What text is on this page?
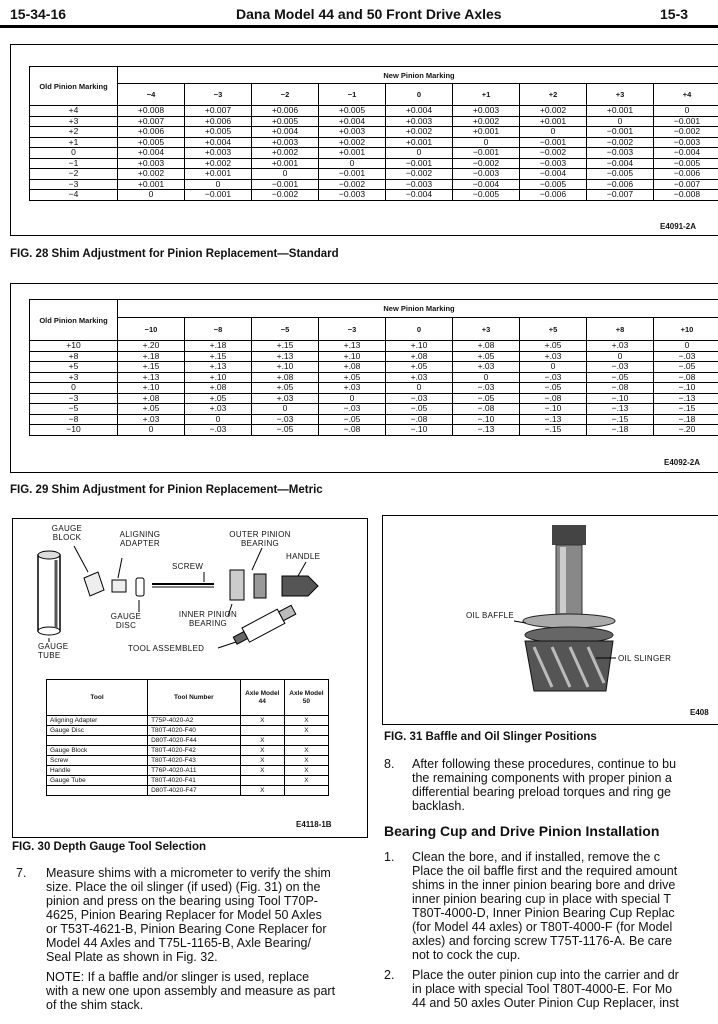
15-34-16	Dana Model 44 and 50 Front Drive Axles	15-3
Old Pinion Marking	New Pinion Marking								
	−4	−3	−2	−1	0	+1	+2	+3	+4
+4	+0.008	+0.007	+0.006	+0.005	+0.004	+0.003	+0.002	+0.001	0
+3	+0.007	+0.006	+0.005	+0.004	+0.003	+0.002	+0.001	0	−0.001
+2	+0.006	+0.005	+0.004	+0.003	+0.002	+0.001	0	−0.001	−0.002
+1	+0.005	+0.004	+0.003	+0.002	+0.001	0	−0.001	−0.002	−0.003
0	+0.004	+0.003	+0.002	+0.001	0	−0.001	−0.002	−0.003	−0.004
−1	+0.003	+0.002	+0.001	0	−0.001	−0.002	−0.003	−0.004	−0.005
−2	+0.002	+0.001	0	−0.001	−0.002	−0.003	−0.004	−0.005	−0.006
−3	+0.001	0	−0.001	−0.002	−0.003	−0.004	−0.005	−0.006	−0.007
−4	0	−0.001	−0.002	−0.003	−0.004	−0.005	−0.006	−0.007	−0.008
E4091-2A
FIG. 28 Shim Adjustment for Pinion Replacement—Standard
Old Pinion Marking	New Pinion Marking								
	−10	−8	−5	−3	0	+3	+5	+8	+10
+10	+.20	+.18	+.15	+.13	+.10	+.08	+.05	+.03	0
+8	+.18	+.15	+.13	+.10	+.08	+.05	+.03	0	−.03
+5	+.15	+.13	+.10	+.08	+.05	+.03	0	−.03	−.05
+3	+.13	+.10	+.08	+.05	+.03	0	−.03	−.05	−.08
0	+.10	+.08	+.05	+.03	0	−.03	−.05	−.08	−.10
−3	+.08	+.05	+.03	0	−.03	−.05	−.08	−.10	−.13
−5	+.05	+.03	0	−.03	−.05	−.08	−.10	−.13	−.15
−8	+.03	0	−.03	−.05	−.08	−.10	−.13	−.15	−.18
−10	0	−.03	−.05	−.08	−.10	−.13	−.15	−.18	−.20
E4092-2A
FIG. 29 Shim Adjustment for Pinion Replacement—Metric
GAUGE BLOCK	ALIGNING ADAPTER
OUTER PINION BEARING
HANDLE
SCREW
GAUGE DISC
INNER PINION BEARING
GAUGE TUBE
TOOL ASSEMBLED
Tool	Tool Number	Axle Model 44	Axle Model 50
Aligning Adapter	T75P-4020-A2	X	X
Gauge Disc	T80T-4020-F40		X
	D80T-4020-F44	X	
Gauge Block	T80T-4020-F42	X	X
Screw	T80T-4020-F43	X	X
Handle	T76P-4020-A11	X	X
Gauge Tube	T80T-4020-F41		X
	D80T-4020-F47	X	
E4118-1B
FIG. 30 Depth Gauge Tool Selection
OIL BAFFLE
OIL SLINGER
E408
FIG. 31 Baffle and Oil Slinger Positions
7. Measure shims with a micrometer to verify the shim

size. Place the oil slinger (if used) (Fig. 31) on the

pinion and press on the bearing using Tool T70P-

4625, Pinion Bearing Replacer for Model 50 Axles

or T53T-4621-B, Pinion Bearing Cone Replacer for

Model 44 Axles and T75L-1165-B, Axle Bearing/

Seal Plate as shown in Fig. 32.

NOTE: If a baffle and/or slinger is used, replace

with a new one upon assembly and measure as part

of the shim stack.

8. After following these procedures, continue to bu

the remaining components with proper pinion a

differential bearing preload torques and ring ge

backlash.

Bearing Cup and Drive Pinion Installation
1. Clean the bore, and if installed, remove the c

Place the oil baffle first and the required amount

shims in the inner pinion bearing bore and drive

inner pinion bearing cup in place with special T

T80T-4000-D, Inner Pinion Bearing Cup Replac

(for Model 44 axles) or T80T-4000-F (for Model

axles) and forcing screw T75T-1176-A. Be care

not to cock the cup.

2. Place the outer pinion cup into the carrier and dr

in place with special Tool T80T-4000-E. For Mo

44 and 50 axles Outer Pinion Cup Replacer, inst
